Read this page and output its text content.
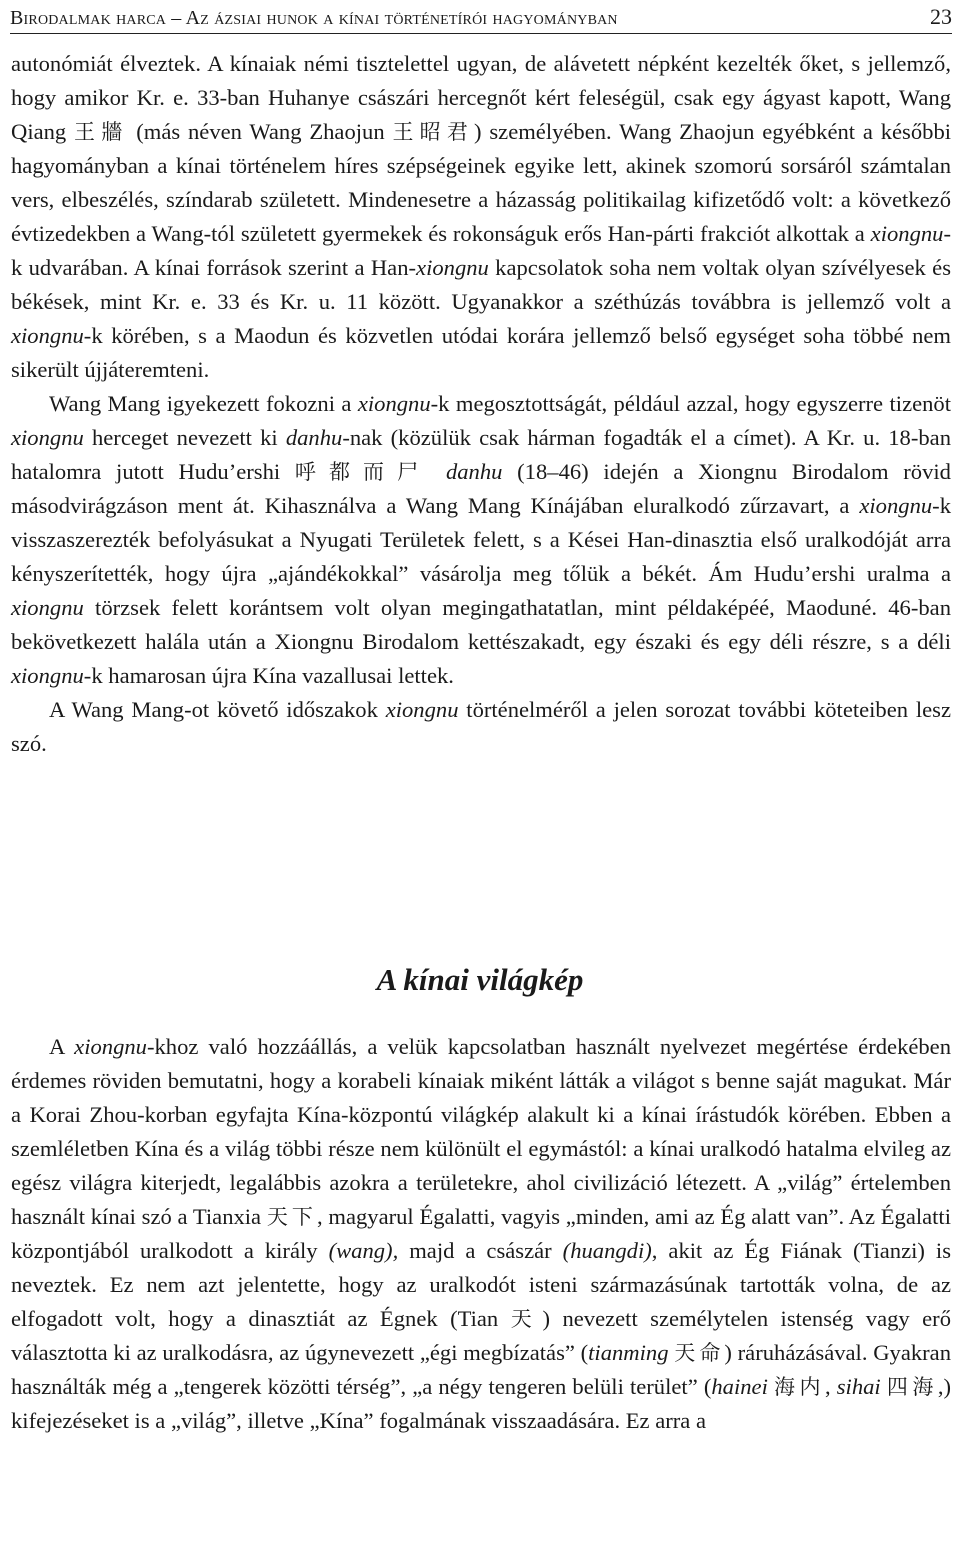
Birodalmak harca – Az ázsiai hunok a kínai történetírói hagyományban	23

autonómiát élveztek. A kínaiak némi tisztelettel ugyan, de alávetett népként kezelték őket, s jellemző, hogy amikor Kr. e. 33-ban Huhanye császári hercegnőt kért feleségül, csak egy ágyast kapott, Wang Qiang 王牆 (más néven Wang Zhaojun 王昭君) személyében. Wang Zhaojun egyébként a későbbi hagyományban a kínai történelem híres szépségeinek egyike lett, akinek szomorú sorsáról számtalan vers, elbeszélés, színdarab született. Mindenesetre a házasság politikailag kifizetődő volt: a következő évtizedekben a Wang-tól született gyermekek és rokonságuk erős Han-párti frakciót alkottak a xiongnu-k udvarában. A kínai források szerint a Han-xiongnu kapcsolatok soha nem voltak olyan szívélyesek és békések, mint Kr. e. 33 és Kr. u. 11 között. Ugyanakkor a széthúzás továbbra is jellemző volt a xiongnu-k körében, s a Maodun és közvetlen utódai korára jellemző belső egységet soha többé nem sikerült újjáteremteni.

Wang Mang igyekezett fokozni a xiongnu-k megosztottságát, például azzal, hogy egyszerre tizenöt xiongnu herceget nevezett ki danhu-nak (közülük csak hárman fogadták el a címet). A Kr. u. 18-ban hatalomra jutott Hudu’ershi 呼都而尸 danhu (18–46) idején a Xiongnu Birodalom rövid másodvirágzáson ment át. Kihasználva a Wang Mang Kínájában eluralkodó zűrzavart, a xiongnu-k visszaszerezték befolyásukat a Nyugati Területek felett, s a Kései Han-dinasztia első uralkodóját arra kényszerítették, hogy újra „ajándékokkal” vásárolja meg tőlük a békét. Ám Hudu’ershi uralma a xiongnu törzsek felett korántsem volt olyan megingathatatlan, mint példaképéé, Maoduné. 46-ban bekövetkezett halála után a Xiongnu Birodalom kettészakadt, egy északi és egy déli részre, s a déli xiongnu-k hamarosan újra Kína vazallusai lettek.

A Wang Mang-ot követő időszakok xiongnu történelméről a jelen sorozat további köteteiben lesz szó.

A kínai világkép

A xiongnu-khoz való hozzáállás, a velük kapcsolatban használt nyelvezet megértése érdekében érdemes röviden bemutatni, hogy a korabeli kínaiak miként látták a világot s benne saját magukat. Már a Korai Zhou-korban egyfajta Kína-központú világkép alakult ki a kínai írástudók körében. Ebben a szemléletben Kína és a világ többi része nem különült el egymástól: a kínai uralkodó hatalma elvileg az egész világra kiterjedt, legalábbis azokra a területekre, ahol civilizáció létezett. A „világ” értelemben használt kínai szó a Tianxia 天下, magyarul Égalatti, vagyis „minden, ami az Ég alatt van”. Az Égalatti központjából uralkodott a király (wang), majd a császár (huangdi), akit az Ég Fiának (Tianzi) is neveztek. Ez nem azt jelentette, hogy az uralkodót isteni származásúnak tartották volna, de az elfogadott volt, hogy a dinasztiát az Égnek (Tian 天) nevezett személytelen istenség vagy erő választotta ki az uralkodásra, az úgynevezett „égi megbízatás” (tianming 天命) ráruházásával. Gyakran használták még a „tengerek közötti térség”, „a négy tengeren belüli terület” (hainei 海内, sihai 四海,) kifejezéseket is a „világ”, illetve „Kína” fogalmának visszaadására. Ez arra a
